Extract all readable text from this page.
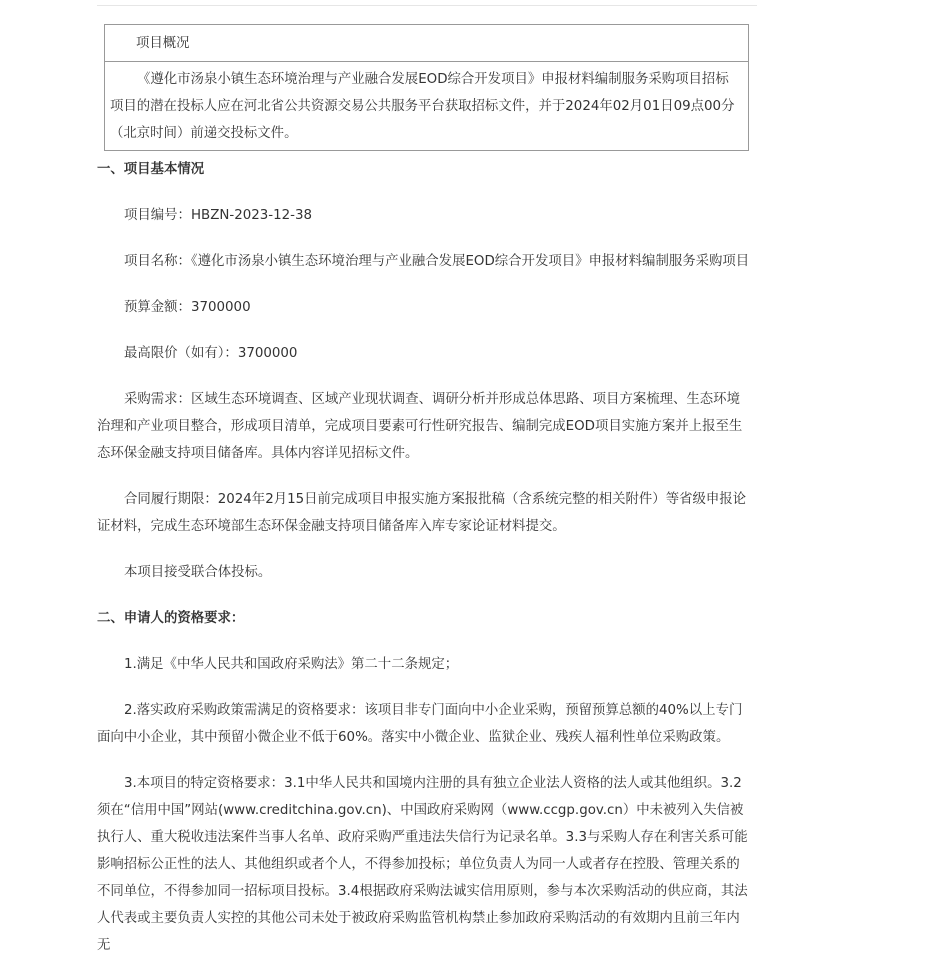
项目概况
《遵化市汤泉小镇生态环境治理与产业融合发展EOD综合开发项目》申报材料编制服务采购项目招标项目的潜在投标人应在河北省公共资源交易公共服务平台获取招标文件，并于2024年02月01日09点00分（北京时间）前递交投标文件。

一、项目基本情况

项目编号：HBZN-2023-12-38

项目名称：《遵化市汤泉小镇生态环境治理与产业融合发展EOD综合开发项目》申报材料编制服务采购项目

预算金额：3700000

最高限价（如有）：3700000

采购需求：区域生态环境调查、区域产业现状调查、调研分析并形成总体思路、项目方案梳理、生态环境治理和产业项目整合，形成项目清单，完成项目要素可行性研究报告、编制完成EOD项目实施方案并上报至生态环保金融支持项目储备库。具体内容详见招标文件。

合同履行期限：2024年2月15日前完成项目申报实施方案报批稿（含系统完整的相关附件）等省级申报论证材料，完成生态环境部生态环保金融支持项目储备库入库专家论证材料提交。

本项目接受联合体投标。

二、申请人的资格要求：

1.满足《中华人民共和国政府采购法》第二十二条规定；

2.落实政府采购政策需满足的资格要求：该项目非专门面向中小企业采购，预留预算总额的40%以上专门面向中小企业，其中预留小微企业不低于60%。落实中小微企业、监狱企业、残疾人福利性单位采购政策。

3.本项目的特定资格要求：3.1中华人民共和国境内注册的具有独立企业法人资格的法人或其他组织。3.2须在“信用中国”网站(www.creditchina.gov.cn)、中国政府采购网（www.ccgp.gov.cn）中未被列入失信被执行人、重大税收违法案件当事人名单、政府采购严重违法失信行为记录名单。3.3与采购人存在利害关系可能影响招标公正性的法人、其他组织或者个人，不得参加投标；单位负责人为同一人或者存在控股、管理关系的不同单位，不得参加同一招标项目投标。3.4根据政府采购法诚实信用原则，参与本次采购活动的供应商，其法人代表或主要负责人实控的其他公司未处于被政府采购监管机构禁止参加政府采购活动的有效期内且前三年内无
